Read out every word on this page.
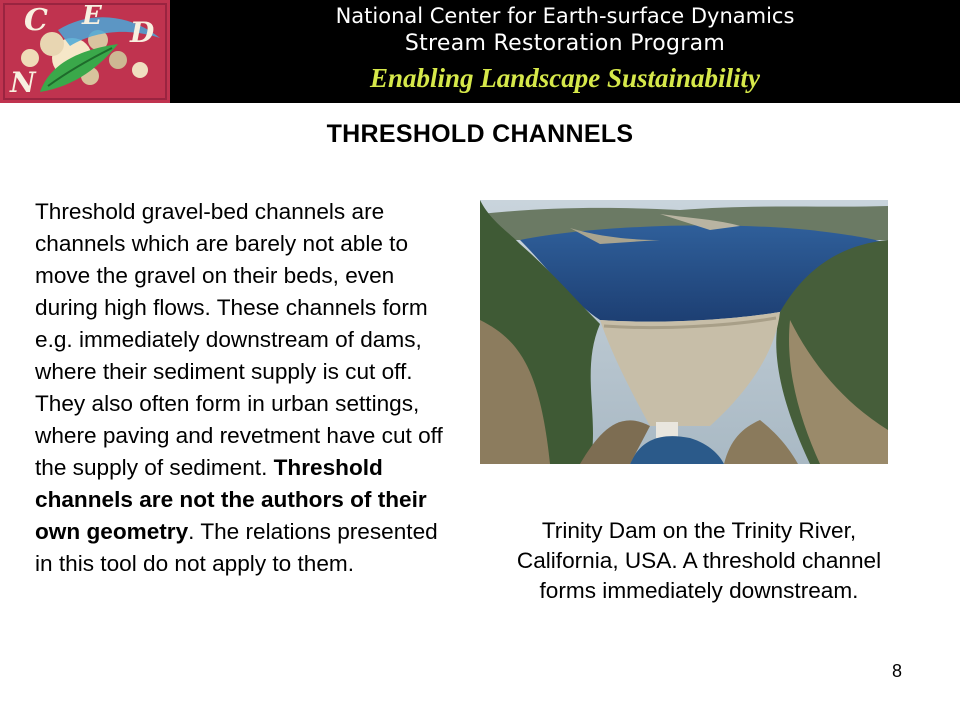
C E D
N
National Center for Earth-surface Dynamics
Stream Restoration Program
Enabling Landscape Sustainability
THRESHOLD CHANNELS
Threshold gravel-bed channels are channels which are barely not able to move the gravel on their beds, even during high flows. These channels form e.g. immediately downstream of dams, where their sediment supply is cut off. They also often form in urban settings, where paving and revetment have cut off the supply of sediment. Threshold channels are not the authors of their own geometry. The relations presented in this tool do not apply to them.
Trinity Dam on the Trinity River, California, USA. A threshold channel forms immediately downstream.
8
